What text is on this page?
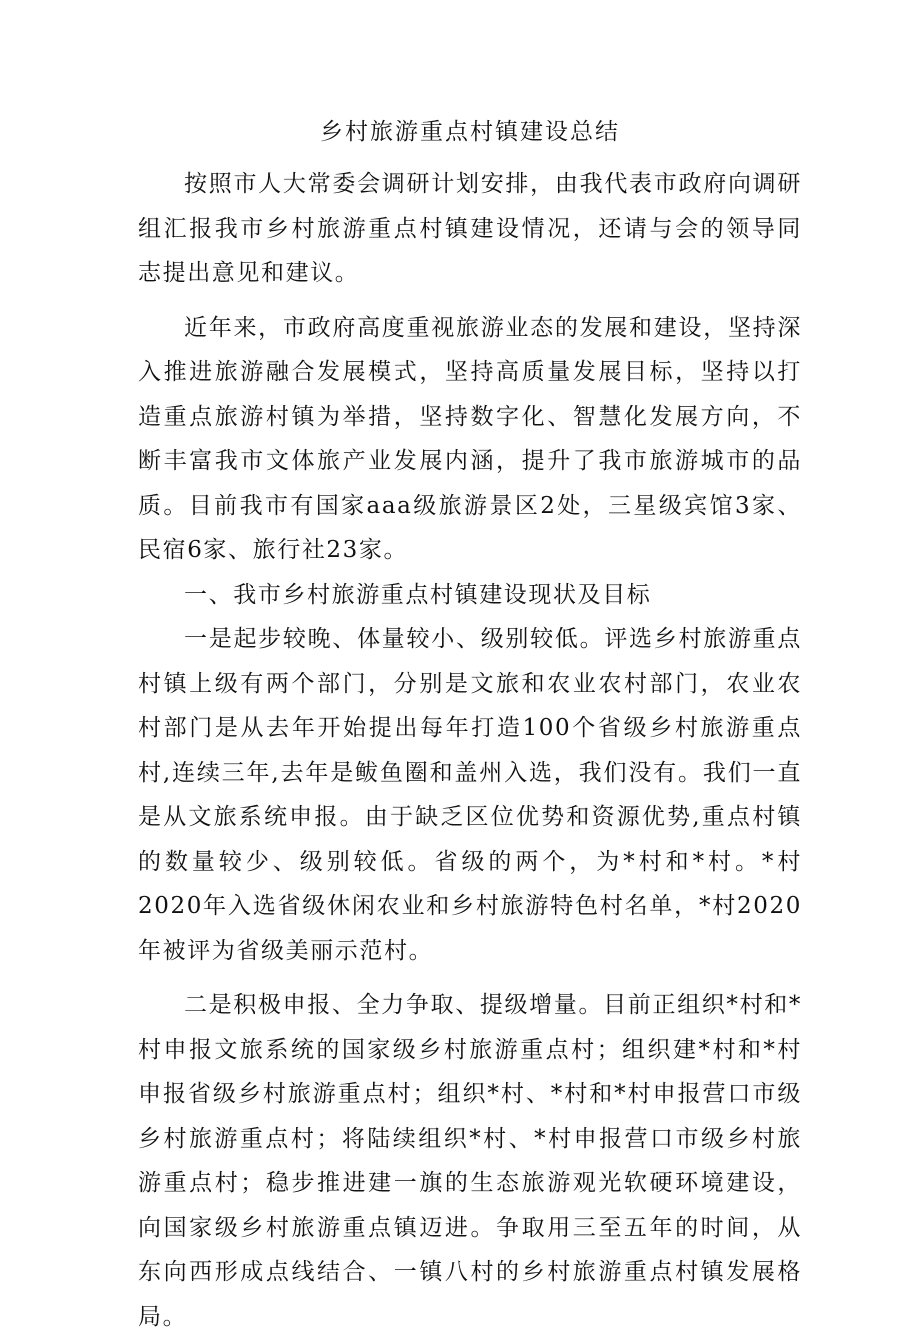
乡村旅游重点村镇建设总结

按照市人大常委会调研计划安排，由我代表市政府向调研组汇报我市乡村旅游重点村镇建设情况，还请与会的领导同志提出意见和建议。

近年来，市政府高度重视旅游业态的发展和建设，坚持深入推进旅游融合发展模式，坚持高质量发展目标，坚持以打造重点旅游村镇为举措，坚持数字化、智慧化发展方向，不断丰富我市文体旅产业发展内涵，提升了我市旅游城市的品质。目前我市有国家aaa级旅游景区2处，三星级宾馆3家、民宿6家、旅行社23家。

一、我市乡村旅游重点村镇建设现状及目标

一是起步较晚、体量较小、级别较低。评选乡村旅游重点村镇上级有两个部门，分别是文旅和农业农村部门，农业农村部门是从去年开始提出每年打造100个省级乡村旅游重点村,连续三年,去年是鲅鱼圈和盖州入选，我们没有。我们一直是从文旅系统申报。由于缺乏区位优势和资源优势,重点村镇的数量较少、级别较低。省级的两个，为*村和*村。*村2020年入选省级休闲农业和乡村旅游特色村名单，*村2020年被评为省级美丽示范村。

二是积极申报、全力争取、提级增量。目前正组织*村和*村申报文旅系统的国家级乡村旅游重点村；组织建*村和*村申报省级乡村旅游重点村；组织*村、*村和*村申报营口市级乡村旅游重点村；将陆续组织*村、*村申报营口市级乡村旅游重点村；稳步推进建一旗的生态旅游观光软硬环境建设，向国家级乡村旅游重点镇迈进。争取用三至五年的时间，从东向西形成点线结合、一镇八村的乡村旅游重点村镇发展格局。
